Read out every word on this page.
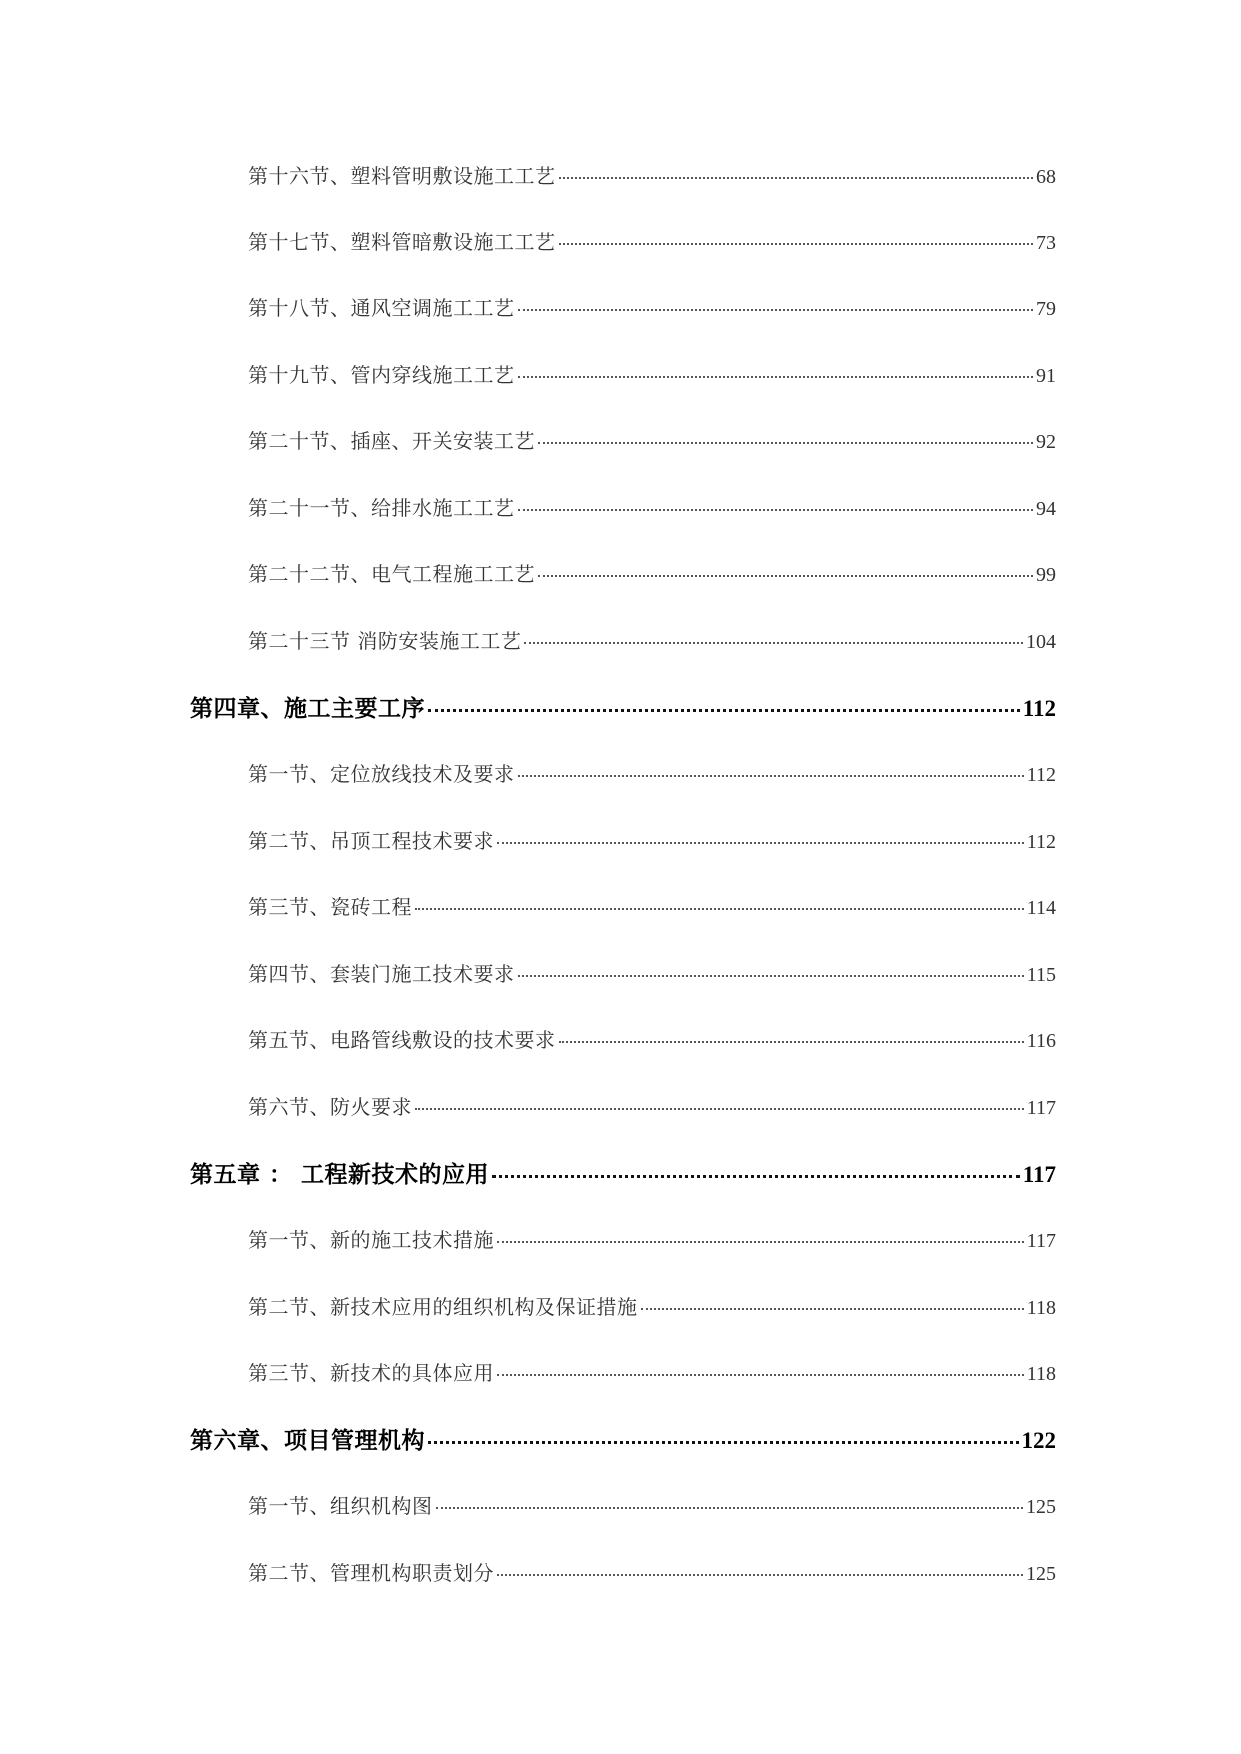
第十六节、塑料管明敷设施工工艺	68
第十七节、塑料管暗敷设施工工艺	73
第十八节、通风空调施工工艺	79
第十九节、管内穿线施工工艺	91
第二十节、插座、开关安装工艺	92
第二十一节、给排水施工工艺	94
第二十二节、电气工程施工工艺	99
第二十三节 消防安装施工工艺	104
第四章、施工主要工序	112
第一节、定位放线技术及要求	112
第二节、吊顶工程技术要求	112
第三节、瓷砖工程	114
第四节、套装门施工技术要求	115
第五节、电路管线敷设的技术要求	116
第六节、防火要求	117
第五章 ： 工程新技术的应用	117
第一节、新的施工技术措施	117
第二节、新技术应用的组织机构及保证措施	118
第三节、新技术的具体应用	118
第六章、项目管理机构	122
第一节、组织机构图	125
第二节、管理机构职责划分	125
